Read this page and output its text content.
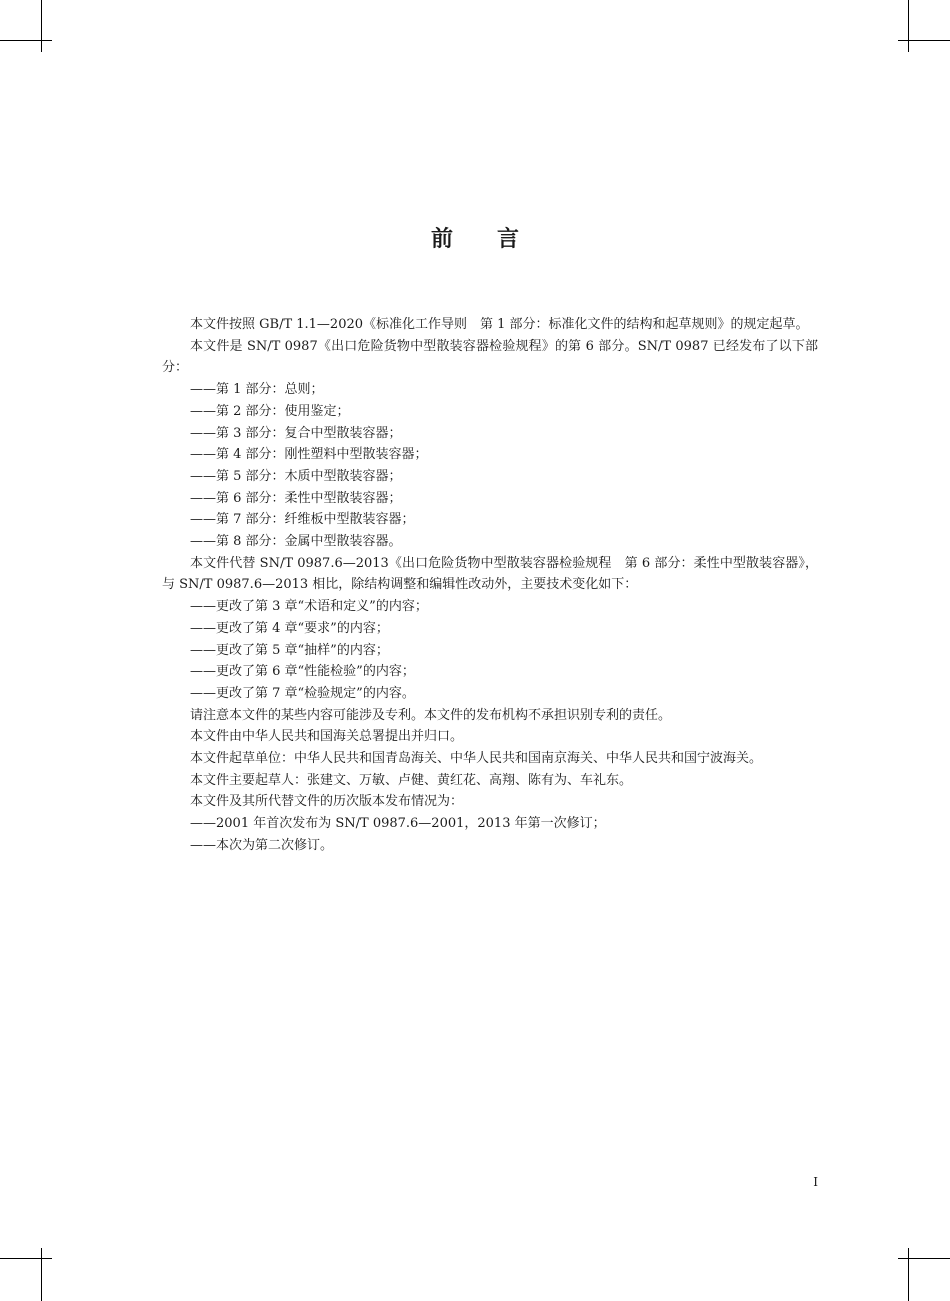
前 言

本文件按照 GB/T 1.1—2020《标准化工作导则　第 1 部分：标准化文件的结构和起草规则》的规定起草。

本文件是 SN/T 0987《出口危险货物中型散装容器检验规程》的第 6 部分。SN/T 0987 已经发布了以下部分：

——第 1 部分：总则；

——第 2 部分：使用鉴定；

——第 3 部分：复合中型散装容器；

——第 4 部分：刚性塑料中型散装容器；

——第 5 部分：木质中型散装容器；

——第 6 部分：柔性中型散装容器；

——第 7 部分：纤维板中型散装容器；

——第 8 部分：金属中型散装容器。

本文件代替 SN/T 0987.6—2013《出口危险货物中型散装容器检验规程　第 6 部分：柔性中型散装容器》，与 SN/T 0987.6—2013 相比，除结构调整和编辑性改动外，主要技术变化如下：

——更改了第 3 章“术语和定义”的内容；

——更改了第 4 章“要求”的内容；

——更改了第 5 章“抽样”的内容；

——更改了第 6 章“性能检验”的内容；

——更改了第 7 章“检验规定”的内容。

请注意本文件的某些内容可能涉及专利。本文件的发布机构不承担识别专利的责任。

本文件由中华人民共和国海关总署提出并归口。

本文件起草单位：中华人民共和国青岛海关、中华人民共和国南京海关、中华人民共和国宁波海关。

本文件主要起草人：张建文、万敏、卢健、黄红花、高翔、陈有为、车礼东。

本文件及其所代替文件的历次版本发布情况为：

——2001 年首次发布为 SN/T 0987.6—2001，2013 年第一次修订；

——本次为第二次修订。

I
